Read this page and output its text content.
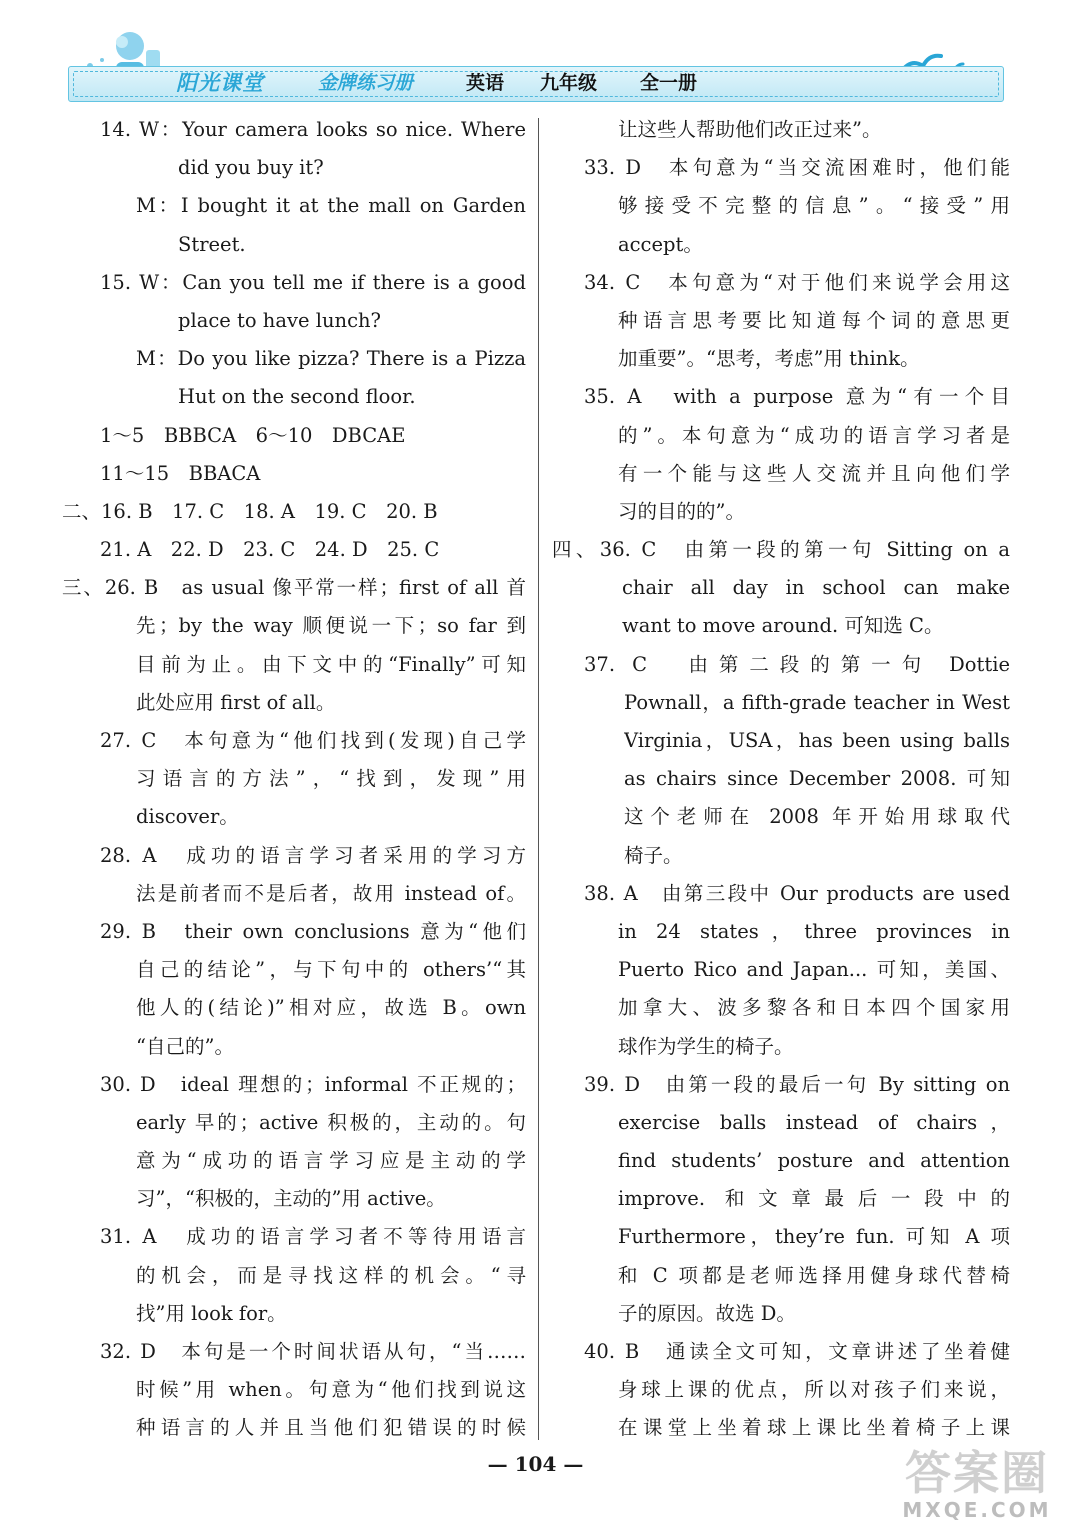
阳光课堂	金牌练习册	英语 九年级 全一册
14. W：Your camera looks so nice. Where
did you buy it?
M：I bought it at the mall on Garden
Street.
15. W：Can you tell me if there is a good
place to have lunch?
M：Do you like pizza? There is a Pizza
Hut on the second floor.
1～5　BBBCA　6～10　DBCAE
11～15　BBACA
二、16. B　17. C　18. A　19. C　20. B
21. A　22. D　23. C　24. D　25. C
三、26. B　as usual 像平常一样；first of all 首
先；by the way 顺便说一下；so far 到
目前为止。由下文中的“Finally”可知
此处应用 first of all。
27. C　本句意为“他们找到(发现)自己学
习语言的方法”，“找到，发现”用
discover。
28. A　成功的语言学习者采用的学习方
法是前者而不是后者，故用 instead of。
29. B　their own conclusions 意为“他们
自己的结论”，与下句中的 others’“其
他人的(结论)”相对应，故选 B。own
“自己的”。
30. D　ideal 理想的；informal 不正规的；
early 早的；active 积极的，主动的。句
意为“成功的语言学习应是主动的学
习”，“积极的，主动的”用 active。
31. A　成功的语言学习者不等待用语言
的机会，而是寻找这样的机会。“寻
找”用 look for。
32. D　本句是一个时间状语从句，“当……
时候”用 when。句意为“他们找到说这
种语言的人并且当他们犯错误的时候
让这些人帮助他们改正过来”。
33. D　本句意为“当交流困难时，他们能
够接受不完整的信息”。“接受”用
accept。
34. C　本句意为“对于他们来说学会用这
种语言思考要比知道每个词的意思更
加重要”。“思考，考虑”用 think。
35. A　with a purpose 意为“有一个目
的”。本句意为“成功的语言学习者是
有一个能与这些人交流并且向他们学
习的目的的”。
四、36. C　由第一段的第一句 Sitting on a
chair all day in school can make
want to move around. 可知选 C。
37. C　由第二段的第一句 Dottie
Pownall，a fifth-grade teacher in West
Virginia，USA，has been using balls
as chairs since December 2008. 可知
这个老师在 2008 年开始用球取代
椅子。
38. A　由第三段中 Our products are used
in 24 states，three provinces in
Puerto Rico and Japan... 可知，美国、
加拿大、波多黎各和日本四个国家用
球作为学生的椅子。
39. D　由第一段的最后一句 By sitting on
exercise balls instead of chairs，
find students’ posture and attention
improve. 和文章最后一段中的
Furthermore，they’re fun. 可知 A 项
和 C 项都是老师选择用健身球代替椅
子的原因。故选 D。
40. B　通读全文可知，文章讲述了坐着健
身球上课的优点，所以对孩子们来说，
在课堂上坐着球上课比坐着椅子上课
— 104 —	答案圈
MXQE.COM
